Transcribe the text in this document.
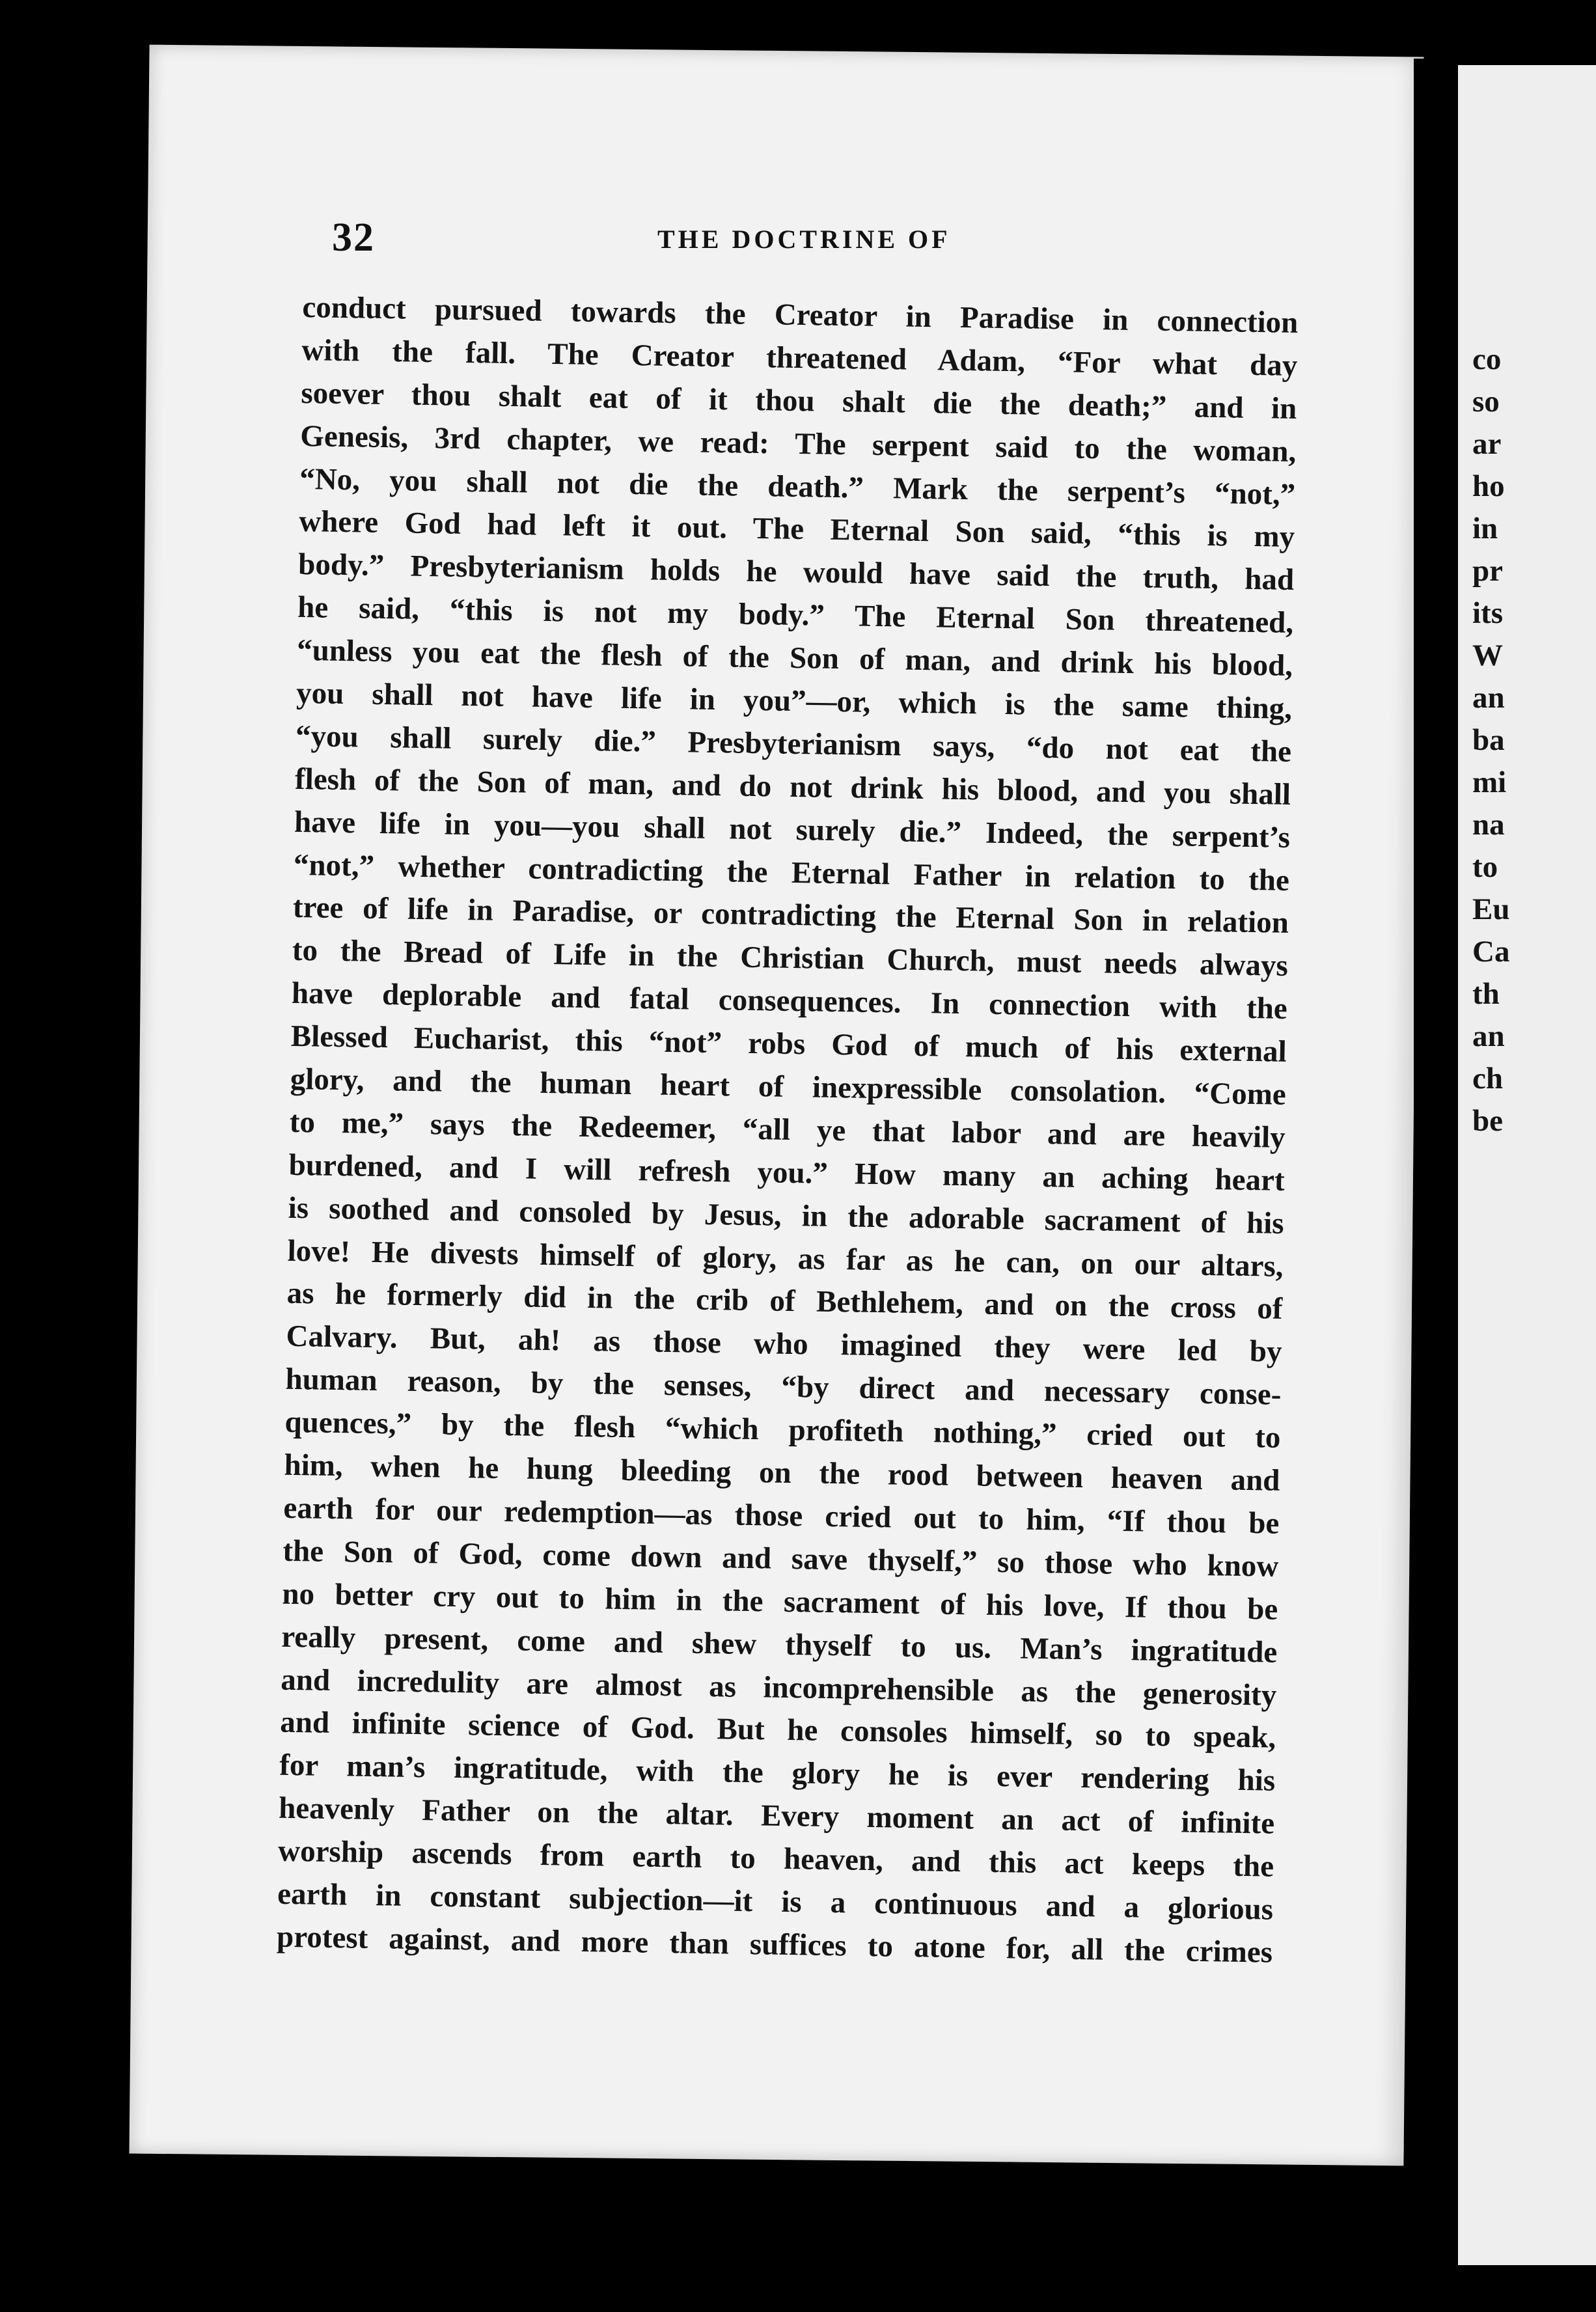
32	THE DOCTRINE OF
conduct pursued towards the Creator in Paradise in connection
with the fall. The Creator threatened Adam, “For what day
soever thou shalt eat of it thou shalt die the death;” and in
Genesis, 3rd chapter, we read: The serpent said to the woman,
“No, you shall not die the death.” Mark the serpent’s “not,”
where God had left it out. The Eternal Son said, “this is my
body.” Presbyterianism holds he would have said the truth, had
he said, “this is not my body.” The Eternal Son threatened,
“unless you eat the flesh of the Son of man, and drink his blood,
you shall not have life in you”—or, which is the same thing,
“you shall surely die.” Presbyterianism says, “do not eat the
flesh of the Son of man, and do not drink his blood, and you shall
have life in you—you shall not surely die.” Indeed, the serpent’s
“not,” whether contradicting the Eternal Father in relation to the
tree of life in Paradise, or contradicting the Eternal Son in relation
to the Bread of Life in the Christian Church, must needs always
have deplorable and fatal consequences. In connection with the
Blessed Eucharist, this “not” robs God of much of his external
glory, and the human heart of inexpressible consolation. “Come
to me,” says the Redeemer, “all ye that labor and are heavily
burdened, and I will refresh you.” How many an aching heart
is soothed and consoled by Jesus, in the adorable sacrament of his
love! He divests himself of glory, as far as he can, on our altars,
as he formerly did in the crib of Bethlehem, and on the cross of
Calvary. But, ah! as those who imagined they were led by
human reason, by the senses, “by direct and necessary conse-
quences,” by the flesh “which profiteth nothing,” cried out to
him, when he hung bleeding on the rood between heaven and
earth for our redemption—as those cried out to him, “If thou be
the Son of God, come down and save thyself,” so those who know
no better cry out to him in the sacrament of his love, If thou be
really present, come and shew thyself to us. Man’s ingratitude
and incredulity are almost as incomprehensible as the generosity
and infinite science of God. But he consoles himself, so to speak,
for man’s ingratitude, with the glory he is ever rendering his
heavenly Father on the altar. Every moment an act of infinite
worship ascends from earth to heaven, and this act keeps the
earth in constant subjection—it is a continuous and a glorious
protest against, and more than suffices to atone for, all the crimes
co
so
ar
ho
in
pr
its
W
an
ba
mi
na
to
Eu
Ca
th
an
ch
be
